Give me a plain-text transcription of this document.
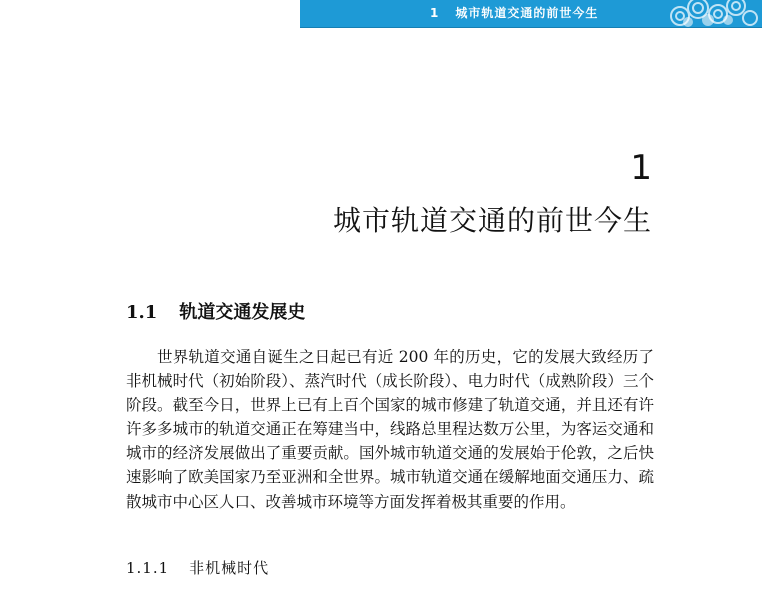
1 城市轨道交通的前世今生
1
城市轨道交通的前世今生
1.1 轨道交通发展史

世界轨道交通自诞生之日起已有近 200 年的历史，它的发展大致经历了非机械时代（初始阶段）、蒸汽时代（成长阶段）、电力时代（成熟阶段）三个阶段。截至今日，世界上已有上百个国家的城市修建了轨道交通，并且还有许许多多城市的轨道交通正在筹建当中，线路总里程达数万公里，为客运交通和城市的经济发展做出了重要贡献。国外城市轨道交通的发展始于伦敦，之后快速影响了欧美国家乃至亚洲和全世界。城市轨道交通在缓解地面交通压力、疏散城市中心区人口、改善城市环境等方面发挥着极其重要的作用。

1.1.1 非机械时代
